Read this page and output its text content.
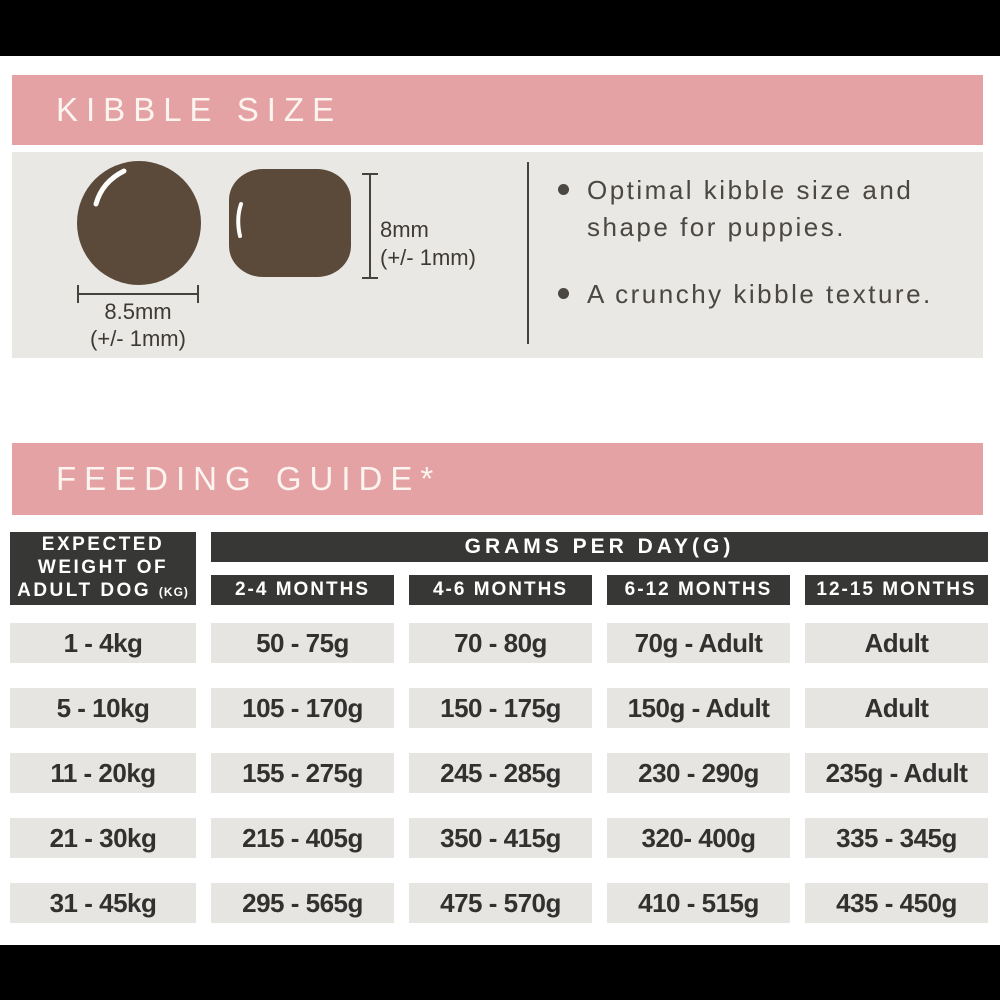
KIBBLE SIZE
8mm
(+/- 1mm)
8.5mm
(+/- 1mm)
Optimal kibble size and shape for puppies.
A crunchy kibble texture.
FEEDING GUIDE*
EXPECTED
WEIGHT OF
ADULT DOG (KG)
GRAMS PER DAY(G)
2-4 MONTHS	4-6 MONTHS	6-12 MONTHS	12-15 MONTHS
1 - 4kg	50 - 75g	70 - 80g	70g - Adult	Adult
5 - 10kg	105 - 170g	150 - 175g	150g - Adult	Adult
11 - 20kg	155 - 275g	245 - 285g	230 - 290g	235g - Adult
21 - 30kg	215 - 405g	350 - 415g	320- 400g	335 - 345g
31 - 45kg	295 - 565g	475 - 570g	410 - 515g	435 - 450g
